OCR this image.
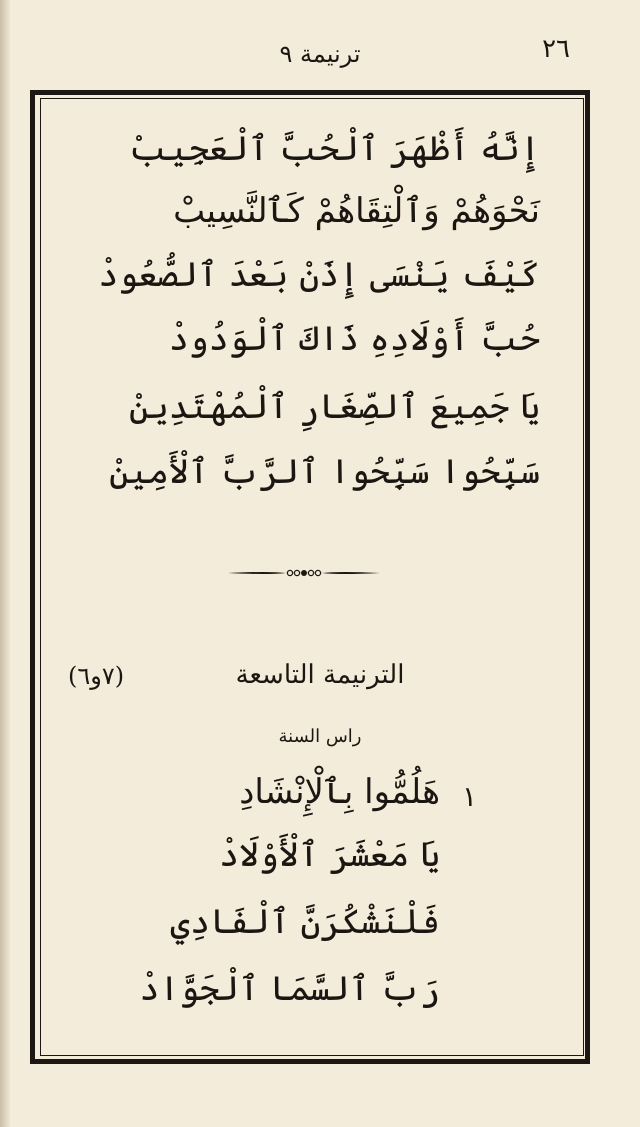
٢٦
ترنيمة ٩
إِنَّهُ أَظْهَرَ ٱلْحُبَّ ٱلْعَجِيبْ
نَحْوَهُمْ وَٱلْتِقَاهُمْ كَٱلنَّسِيبْ
كَيْفَ يَنْسَى إِذَنْ بَعْدَ ٱلصُّعُودْ
حُبَّ أَوْلَادِهِ ذَاكَ ٱلْوَدُودْ
يَا جَمِيعَ ٱلصِّغَارِ ٱلْمُهْتَدِينْ
سَبِّحُوا سَبِّحُوا ٱلرَّبَّ ٱلْأَمِينْ
الترنيمة التاسعة
(٧و٦)
راس السنة
١
هَلُمُّوا بِٱلْإِنْشَادِ
يَا مَعْشَرَ ٱلْأَوْلَادْ
فَلْنَشْكُرَنَّ ٱلْفَادِي
رَبَّ ٱلسَّمَا ٱلْجَوَّادْ
